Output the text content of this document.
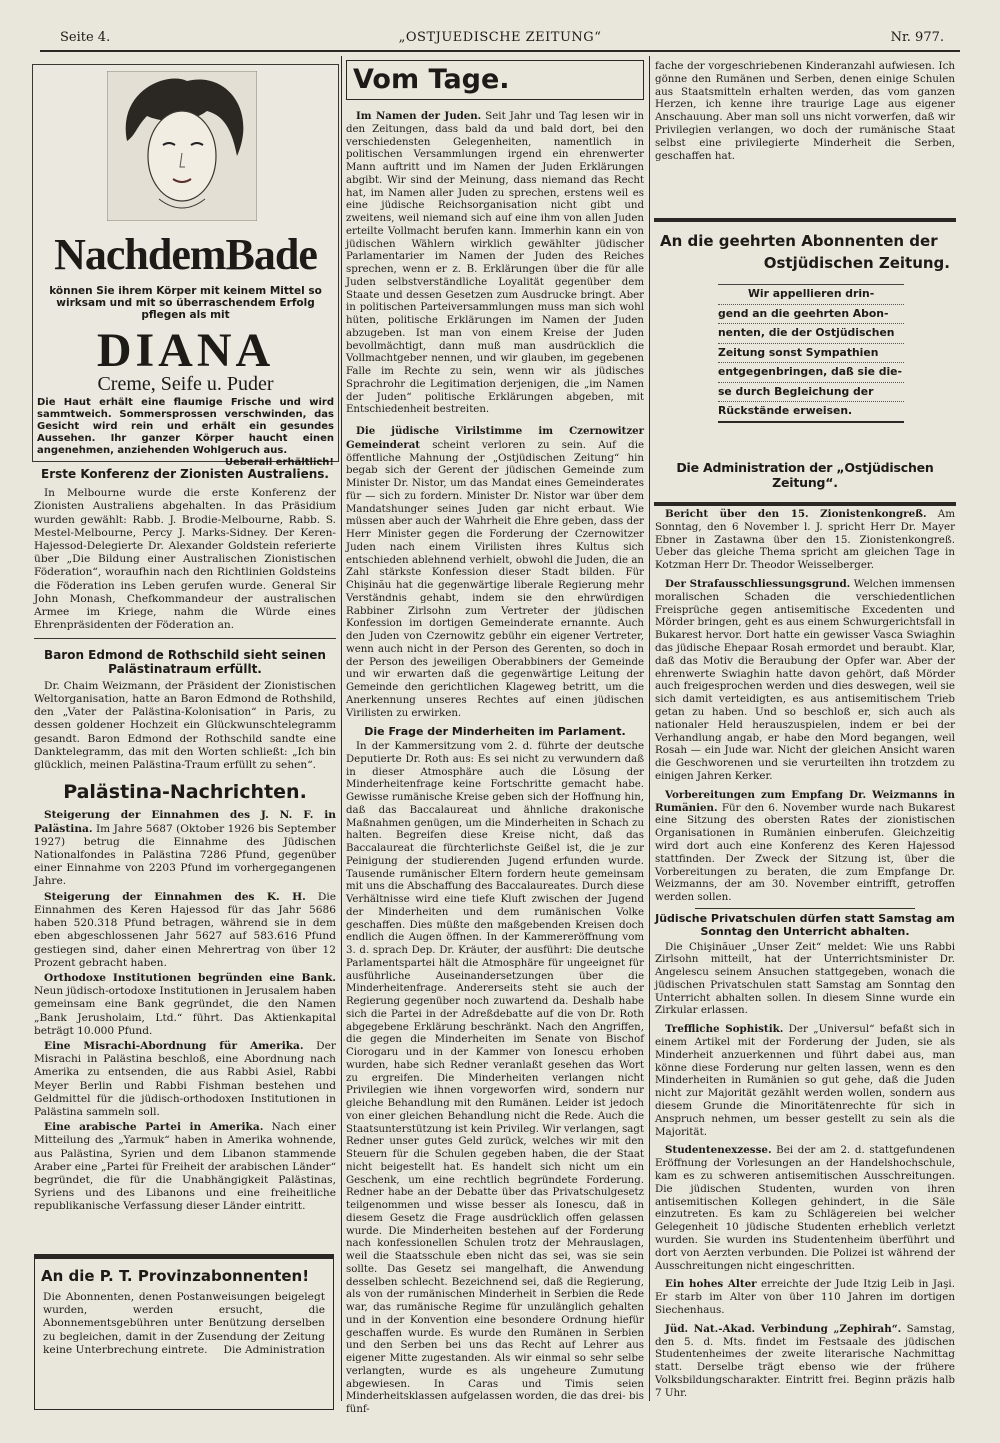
Seite 4.	„OSTJUEDISCHE ZEITUNG“	Nr. 977.
NachdemBade
können Sie ihrem Körper mit keinem Mittel so wirksam und mit so überraschendem Erfolg pflegen als mit
DIANA
Creme, Seife u. Puder
Die Haut erhält eine flaumige Frische und wird sammtweich. Sommersprossen verschwinden, das Gesicht wird rein und erhält ein gesundes Aussehen. Ihr ganzer Körper haucht einen angenehmen, anziehenden Wohlgeruch aus.
Ueberall erhältlich!
Erste Konferenz der Zionisten Australiens.

In Melbourne wurde die erste Konferenz der Zionisten Australiens abgehalten. In das Präsidium wurden gewählt: Rabb. J. Brodie-Melbourne, Rabb. S. Mestel-Melbourne, Percy J. Marks-Sidney. Der Keren-Hajessod-Delegierte Dr. Alexander Goldstein referierte über „Die Bildung einer Australischen Zionistischen Föderation“, woraufhin nach den Richtlinien Goldsteins die Föderation ins Leben gerufen wurde. General Sir John Monash, Chefkommandeur der australischen Armee im Kriege, nahm die Würde eines Ehrenpräsidenten der Föderation an.

Baron Edmond de Rothschild sieht seinen Palästinatraum erfüllt.

Dr. Chaim Weizmann, der Präsident der Zionistischen Weltorganisation, hatte an Baron Edmond de Rothshild, den „Vater der Palästina-Kolonisation“ in Paris, zu dessen goldener Hochzeit ein Glückwunschtelegramm gesandt. Baron Edmond der Rothschild sandte eine Danktelegramm, das mit den Worten schließt: „Ich bin glücklich, meinen Palästina-Traum erfüllt zu sehen“.

Palästina-Nachrichten.

Steigerung der Einnahmen des J. N. F. in Palästina. Im Jahre 5687 (Oktober 1926 bis September 1927) betrug die Einnahme des Jüdischen Nationalfondes in Palästina 7286 Pfund, gegenüber einer Einnahme von 2203 Pfund im vorhergegangenen Jahre.

Steigerung der Einnahmen des K. H. Die Einnahmen des Keren Hajessod für das Jahr 5686 haben 520.318 Pfund betragen, während sie in dem eben abgeschlossenen Jahr 5627 auf 583.616 Pfund gestiegen sind, daher einen Mehrertrag von über 12 Prozent gebracht haben.

Orthodoxe Institutionen begründen eine Bank. Neun jüdisch-ortodoxe Institutionen in Jerusalem haben gemeinsam eine Bank gegründet, die den Namen „Bank Jerusholaim, Ltd.“ führt. Das Aktienkapital beträgt 10.000 Pfund.

Eine Misrachi-Abordnung für Amerika. Der Misrachi in Palästina beschloß, eine Abordnung nach Amerika zu entsenden, die aus Rabbi Asiel, Rabbi Meyer Berlin und Rabbi Fishman bestehen und Geldmittel für die jüdisch-orthodoxen Institutionen in Palästina sammeln soll.

Eine arabische Partei in Amerika. Nach einer Mitteilung des „Yarmuk“ haben in Amerika wohnende, aus Palästina, Syrien und dem Libanon stammende Araber eine „Partei für Freiheit der arabischen Länder“ begründet, die für die Unabhängigkeit Palästinas, Syriens und des Libanons und eine freiheitliche republikanische Verfassung dieser Länder eintritt.

An die P. T. Provinzabonnenten!
Die Abonnenten, denen Postanweisungen beigelegt wurden, werden ersucht, die Abonnementsgebühren unter Benützung derselben zu begleichen, damit in der Zusendung der Zeitung keine Unterbrechung eintrete. Die Administration
Vom Tage.

Im Namen der Juden. Seit Jahr und Tag lesen wir in den Zeitungen, dass bald da und bald dort, bei den verschiedensten Gelegenheiten, namentlich in politischen Versammlungen irgend ein ehrenwerter Mann auftritt und im Namen der Juden Erklärungen abgibt. Wir sind der Meinung, dass niemand das Recht hat, im Namen aller Juden zu sprechen, erstens weil es eine jüdische Reichsorganisation nicht gibt und zweitens, weil niemand sich auf eine ihm von allen Juden erteilte Vollmacht berufen kann. Immerhin kann ein von jüdischen Wählern wirklich gewählter jüdischer Parlamentarier im Namen der Juden des Reiches sprechen, wenn er z. B. Erklärungen über die für alle Juden selbstverständliche Loyalität gegenüber dem Staate und dessen Gesetzen zum Ausdrucke bringt. Aber in politischen Parteiversammlungen muss man sich wohl hüten, politische Erklärungen im Namen der Juden abzugeben. Ist man von einem Kreise der Juden bevollmächtigt, dann muß man ausdrücklich die Vollmachtgeber nennen, und wir glauben, im gegebenen Falle im Rechte zu sein, wenn wir als jüdisches Sprachrohr die Legitimation derjenigen, die „im Namen der Juden“ politische Erklärungen abgeben, mit Entschiedenheit bestreiten.

Die jüdische Virilstimme im Czernowitzer Gemeinderat scheint verloren zu sein. Auf die öffentliche Mahnung der „Ostjüdischen Zeitung“ hin begab sich der Gerent der jüdischen Gemeinde zum Minister Dr. Nistor, um das Mandat eines Gemeinderates für — sich zu fordern. Minister Dr. Nistor war über dem Mandatshunger seines Juden gar nicht erbaut. Wie müssen aber auch der Wahrheit die Ehre geben, dass der Herr Minister gegen die Forderung der Czernowitzer Juden nach einem Virilisten ihres Kultus sich entschieden ablehnend verhielt, obwohl die Juden, die an Zahl stärkste Konfession dieser Stadt bilden. Für Chişinău hat die gegenwärtige liberale Regierung mehr Verständnis gehabt, indem sie den ehrwürdigen Rabbiner Zirlsohn zum Vertreter der jüdischen Konfession im dortigen Gemeinderate ernannte. Auch den Juden von Czernowitz gebühr ein eigener Vertreter, wenn auch nicht in der Person des Gerenten, so doch in der Person des jeweiligen Oberabbiners der Gemeinde und wir erwarten daß die gegenwärtige Leitung der Gemeinde den gerichtlichen Klageweg betritt, um die Anerkennung unseres Rechtes auf einen jüdischen Virilisten zu erwirken.

Die Frage der Minderheiten im Parlament.

In der Kammersitzung vom 2. d. führte der deutsche Deputierte Dr. Roth aus: Es sei nicht zu verwundern daß in dieser Atmosphäre auch die Lösung der Minderheitenfrage keine Fortschritte gemacht habe. Gewisse rumänische Kreise geben sich der Hoffnung hin, daß das Baccalaureat und ähnliche drakonische Maßnahmen genügen, um die Minderheiten in Schach zu halten. Begreifen diese Kreise nicht, daß das Baccalaureat die fürchterlichste Geißel ist, die je zur Peinigung der studierenden Jugend erfunden wurde. Tausende rumänischer Eltern fordern heute gemeinsam mit uns die Abschaffung des Baccalaureates. Durch diese Verhältnisse wird eine tiefe Kluft zwischen der Jugend der Minderheiten und dem rumänischen Volke geschaffen. Dies müßte den maßgebenden Kreisen doch endlich die Augen öffnen. In der Kammereröffnung vom 3. d. sprach Dep. Dr. Kräuter, der ausführt: Die deutsche Parlamentspartei hält die Atmosphäre für ungeeignet für ausführliche Auseinandersetzungen über die Minderheitenfrage. Andererseits steht sie auch der Regierung gegenüber noch zuwartend da. Deshalb habe sich die Partei in der Adreßdebatte auf die von Dr. Roth abgegebene Erklärung beschränkt. Nach den Angriffen, die gegen die Minderheiten im Senate von Bischof Ciorogaru und in der Kammer von Ionescu erhoben wurden, habe sich Redner veranlaßt gesehen das Wort zu ergreifen. Die Minderheiten verlangen nicht Privilegien wie ihnen vorgeworfen wird, sondern nur gleiche Behandlung mit den Rumänen. Leider ist jedoch von einer gleichen Behandlung nicht die Rede. Auch die Staatsunterstützung ist kein Privileg. Wir verlangen, sagt Redner unser gutes Geld zurück, welches wir mit den Steuern für die Schulen gegeben haben, die der Staat nicht beigestellt hat. Es handelt sich nicht um ein Geschenk, um eine rechtlich begründete Forderung. Redner habe an der Debatte über das Privatschulgesetz teilgenommen und wisse besser als Ionescu, daß in diesem Gesetz die Frage ausdrücklich offen gelassen wurde. Die Minderheiten bestehen auf der Forderung nach konfessionellen Schulen trotz der Mehrauslagen, weil die Staatsschule eben nicht das sei, was sie sein sollte. Das Gesetz sei mangelhaft, die Anwendung desselben schlecht. Bezeichnend sei, daß die Regierung, als von der rumänischen Minderheit in Serbien die Rede war, das rumänische Regime für unzulänglich gehalten und in der Konvention eine besondere Ordnung hiefür geschaffen wurde. Es wurde den Rumänen in Serbien und den Serben bei uns das Recht auf Lehrer aus eigener Mitte zugestanden. Als wir einmal so sehr selbe verlangten, wurde es als ungeheure Zumutung abgewiesen. In Caras und Timis seien Minderheitsklassen aufgelassen worden, die das drei- bis fünf-

fache der vorgeschriebenen Kinderanzahl aufwiesen. Ich gönne den Rumänen und Serben, denen einige Schulen aus Staatsmitteln erhalten werden, das vom ganzen Herzen, ich kenne ihre traurige Lage aus eigener Anschauung. Aber man soll uns nicht vorwerfen, daß wir Privilegien verlangen, wo doch der rumänische Staat selbst eine privilegierte Minderheit die Serben, geschaffen hat.

An die geehrten Abonnenten der
Ostjüdischen Zeitung.
Wir appellieren drin-
gend an die geehrten Abon-
nenten, die der Ostjüdischen
Zeitung sonst Sympathien
entgegenbringen, daß sie die-
se durch Begleichung der
Rückstände erweisen.
Die Administration der „Ostjüdischen Zeitung“.

Bericht über den 15. Zionistenkongreß. Am Sonntag, den 6 November l. J. spricht Herr Dr. Mayer Ebner in Zastawna über den 15. Zionistenkongreß. Ueber das gleiche Thema spricht am gleichen Tage in Kotzman Herr Dr. Theodor Weisselberger.

Der Strafausschliessungsgrund. Welchen immensen moralischen Schaden die verschiedentlichen Freisprüche gegen antisemitische Excedenten und Mörder bringen, geht es aus einem Schwurgerichtsfall in Bukarest hervor. Dort hatte ein gewisser Vasca Swiaghin das jüdische Ehepaar Rosah ermordet und beraubt. Klar, daß das Motiv die Beraubung der Opfer war. Aber der ehrenwerte Swiaghin hatte davon gehört, daß Mörder auch freigesprochen werden und dies deswegen, weil sie sich damit verteidigten, es aus antisemitischem Trieb getan zu haben. Und so beschloß er, sich auch als nationaler Held herauszuspielen, indem er bei der Verhandlung angab, er habe den Mord begangen, weil Rosah — ein Jude war. Nicht der gleichen Ansicht waren die Geschworenen und sie verurteilten ihn trotzdem zu einigen Jahren Kerker.

Vorbereitungen zum Empfang Dr. Weizmanns in Rumänien. Für den 6. November wurde nach Bukarest eine Sitzung des obersten Rates der zionistischen Organisationen in Rumänien einberufen. Gleichzeitig wird dort auch eine Konferenz des Keren Hajessod stattfinden. Der Zweck der Sitzung ist, über die Vorbereitungen zu beraten, die zum Empfange Dr. Weizmanns, der am 30. November eintrifft, getroffen werden sollen.

Jüdische Privatschulen dürfen statt Samstag am Sonntag den Unterricht abhalten.

Die Chişinăuer „Unser Zeit“ meldet: Wie uns Rabbi Zirlsohn mitteilt, hat der Unterrichtsminister Dr. Angelescu seinem Ansuchen stattgegeben, wonach die jüdischen Privatschulen statt Samstag am Sonntag den Unterricht abhalten sollen. In diesem Sinne wurde ein Zirkular erlassen.

Treffliche Sophistik. Der „Universul“ befaßt sich in einem Artikel mit der Forderung der Juden, sie als Minderheit anzuerkennen und führt dabei aus, man könne diese Forderung nur gelten lassen, wenn es den Minderheiten in Rumänien so gut gehe, daß die Juden nicht zur Majorität gezählt werden wollen, sondern aus diesem Grunde die Minoritätenrechte für sich in Anspruch nehmen, um besser gestellt zu sein als die Majorität.

Studentenexzesse. Bei der am 2. d. stattgefundenen Eröffnung der Vorlesungen an der Handelshochschule, kam es zu schweren antisemitischen Ausschreitungen. Die jüdischen Studenten, wurden von ihren antisemitischen Kollegen gehindert, in die Säle einzutreten. Es kam zu Schlägereien bei welcher Gelegenheit 10 jüdische Studenten erheblich verletzt wurden. Sie wurden ins Studentenheim überführt und dort von Aerzten verbunden. Die Polizei ist während der Ausschreitungen nicht eingeschritten.

Ein hohes Alter erreichte der Jude Itzig Leib in Jaşi. Er starb im Alter von über 110 Jahren im dortigen Siechenhaus.

Jüd. Nat.-Akad. Verbindung „Zephirah“. Samstag, den 5. d. Mts. findet im Festsaale des jüdischen Studentenheimes der zweite literarische Nachmittag statt. Derselbe trägt ebenso wie der frühere Volksbildungscharakter. Eintritt frei. Beginn präzis halb 7 Uhr.
